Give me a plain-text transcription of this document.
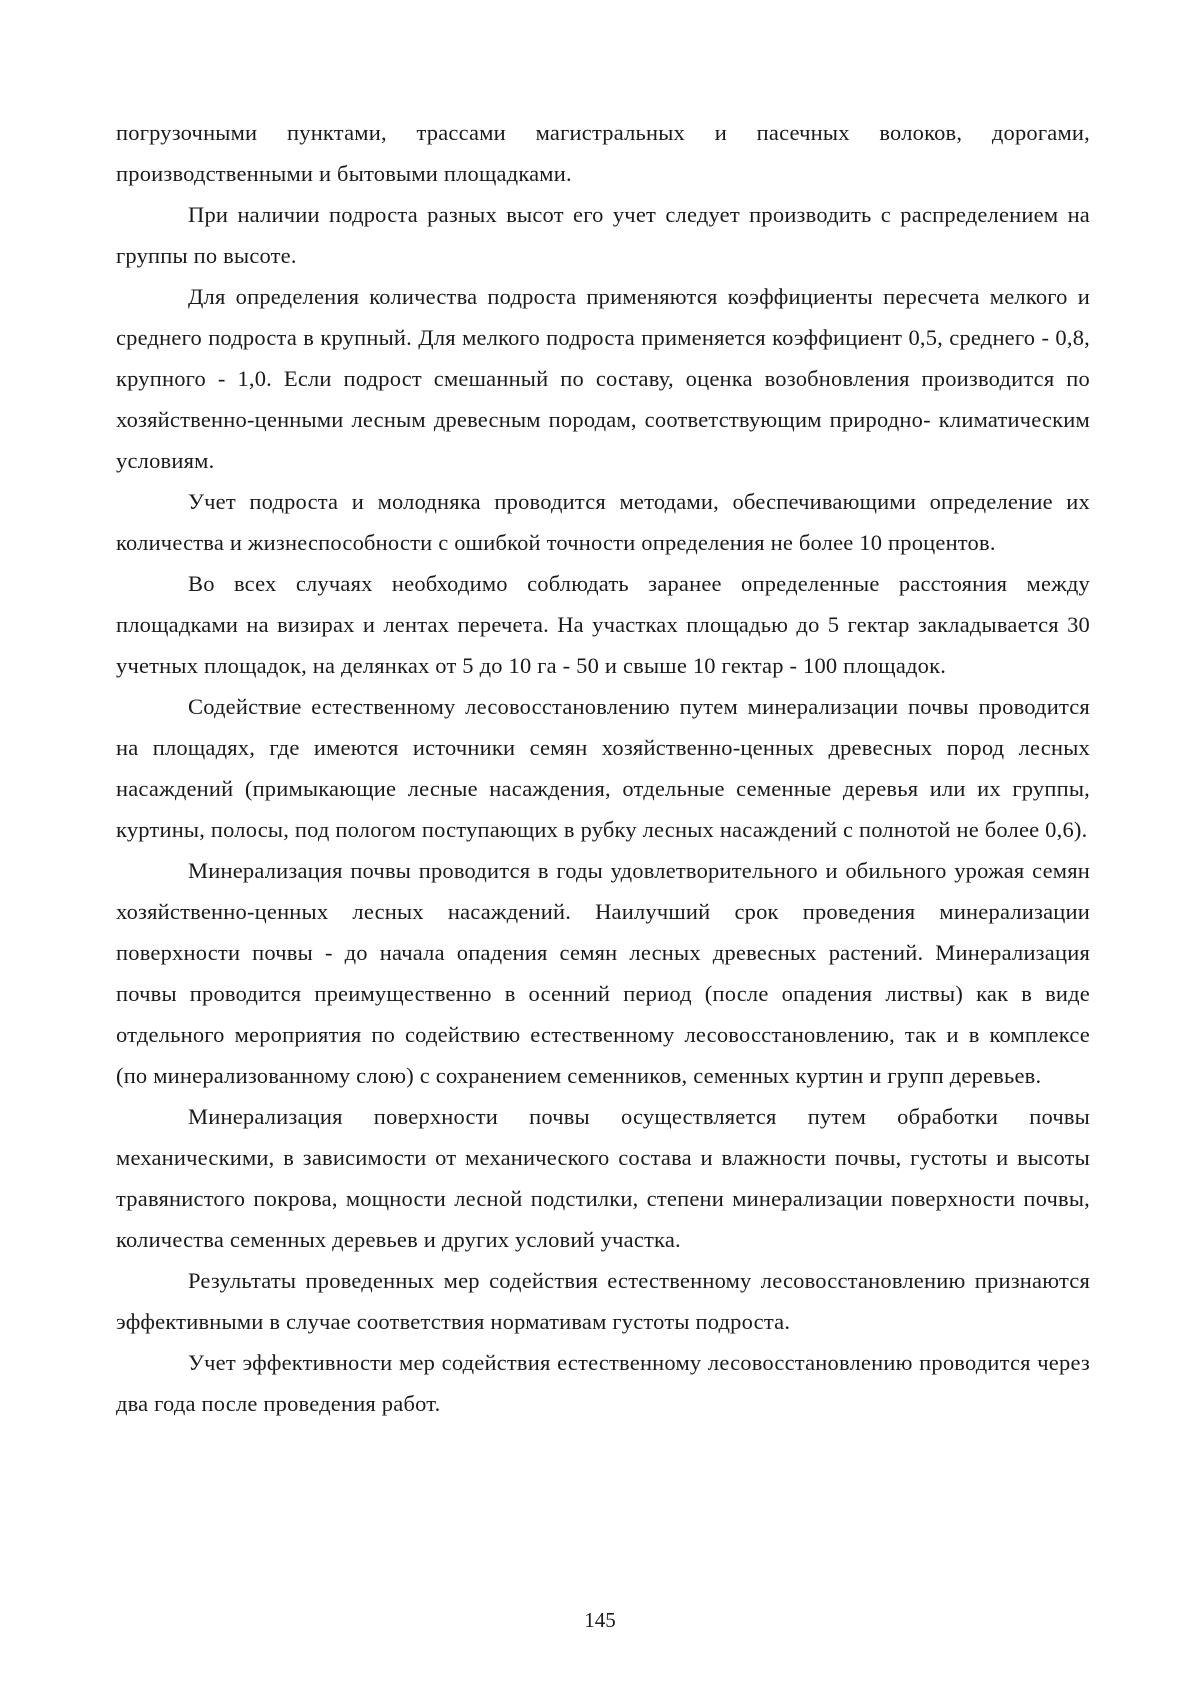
погрузочными пунктами, трассами магистральных и пасечных волоков, дорогами, производственными и бытовыми площадками.

При наличии подроста разных высот его учет следует производить с распределением на группы по высоте.

Для определения количества подроста применяются коэффициенты пересчета мелкого и среднего подроста в крупный. Для мелкого подроста применяется коэффициент 0,5, среднего - 0,8, крупного - 1,0. Если подрост смешанный по составу, оценка возобновления производится по хозяйственно-ценными лесным древесным породам, соответствующим природно- климатическим условиям.

Учет подроста и молодняка проводится методами, обеспечивающими определение их количества и жизнеспособности с ошибкой точности определения не более 10 процентов.

Во всех случаях необходимо соблюдать заранее определенные расстояния между площадками на визирах и лентах перечета. На участках площадью до 5 гектар закладывается 30 учетных площадок, на делянках от 5 до 10 га - 50 и свыше 10 гектар - 100 площадок.

Содействие естественному лесовосстановлению путем минерализации почвы проводится на площадях, где имеются источники семян хозяйственно-ценных древесных пород лесных насаждений (примыкающие лесные насаждения, отдельные семенные деревья или их группы, куртины, полосы, под пологом поступающих в рубку лесных насаждений с полнотой не более 0,6).

Минерализация почвы проводится в годы удовлетворительного и обильного урожая семян хозяйственно-ценных лесных насаждений. Наилучший срок проведения минерализации поверхности почвы - до начала опадения семян лесных древесных растений. Минерализация почвы проводится преимущественно в осенний период (после опадения листвы) как в виде отдельного мероприятия по содействию естественному лесовосстановлению, так и в комплексе (по минерализованному слою) с сохранением семенников, семенных куртин и групп деревьев.

Минерализация поверхности почвы осуществляется путем обработки почвы механическими, в зависимости от механического состава и влажности почвы, густоты и высоты травянистого покрова, мощности лесной подстилки, степени минерализации поверхности почвы, количества семенных деревьев и других условий участка.

Результаты проведенных мер содействия естественному лесовосстановлению признаются эффективными в случае соответствия нормативам густоты подроста.

Учет эффективности мер содействия естественному лесовосстановлению проводится через два года после проведения работ.

145
